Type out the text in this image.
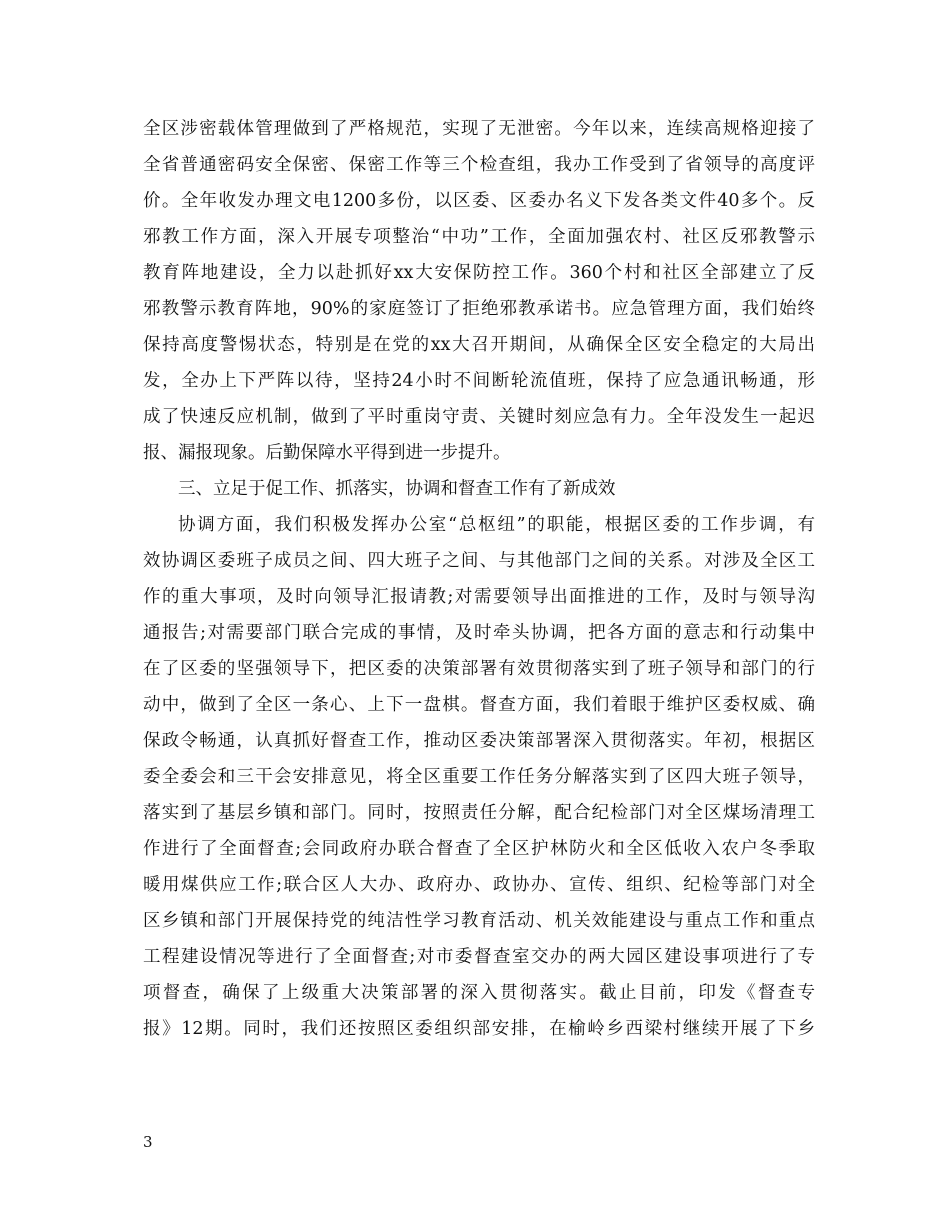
全区涉密载体管理做到了严格规范，实现了无泄密。今年以来，连续高规格迎接了
全省普通密码安全保密、保密工作等三个检查组，我办工作受到了省领导的高度评
价。全年收发办理文电1200多份，以区委、区委办名义下发各类文件40多个。反
邪教工作方面，深入开展专项整治“中功”工作，全面加强农村、社区反邪教警示
教育阵地建设，全力以赴抓好xx大安保防控工作。360个村和社区全部建立了反
邪教警示教育阵地，90%的家庭签订了拒绝邪教承诺书。应急管理方面，我们始终
保持高度警惕状态，特别是在党的xx大召开期间，从确保全区安全稳定的大局出
发，全办上下严阵以待，坚持24小时不间断轮流值班，保持了应急通讯畅通，形
成了快速反应机制，做到了平时重岗守责、关键时刻应急有力。全年没发生一起迟
报、漏报现象。后勤保障水平得到进一步提升。
三、立足于促工作、抓落实，协调和督查工作有了新成效
协调方面，我们积极发挥办公室“总枢纽”的职能，根据区委的工作步调，有
效协调区委班子成员之间、四大班子之间、与其他部门之间的关系。对涉及全区工
作的重大事项，及时向领导汇报请教;对需要领导出面推进的工作，及时与领导沟
通报告;对需要部门联合完成的事情，及时牵头协调，把各方面的意志和行动集中
在了区委的坚强领导下，把区委的决策部署有效贯彻落实到了班子领导和部门的行
动中，做到了全区一条心、上下一盘棋。督查方面，我们着眼于维护区委权威、确
保政令畅通，认真抓好督查工作，推动区委决策部署深入贯彻落实。年初，根据区
委全委会和三干会安排意见，将全区重要工作任务分解落实到了区四大班子领导，
落实到了基层乡镇和部门。同时，按照责任分解，配合纪检部门对全区煤场清理工
作进行了全面督查;会同政府办联合督查了全区护林防火和全区低收入农户冬季取
暖用煤供应工作;联合区人大办、政府办、政协办、宣传、组织、纪检等部门对全
区乡镇和部门开展保持党的纯洁性学习教育活动、机关效能建设与重点工作和重点
工程建设情况等进行了全面督查;对市委督查室交办的两大园区建设事项进行了专
项督查，确保了上级重大决策部署的深入贯彻落实。截止目前，印发《督查专
报》12期。同时，我们还按照区委组织部安排，在榆岭乡西梁村继续开展了下乡
3
